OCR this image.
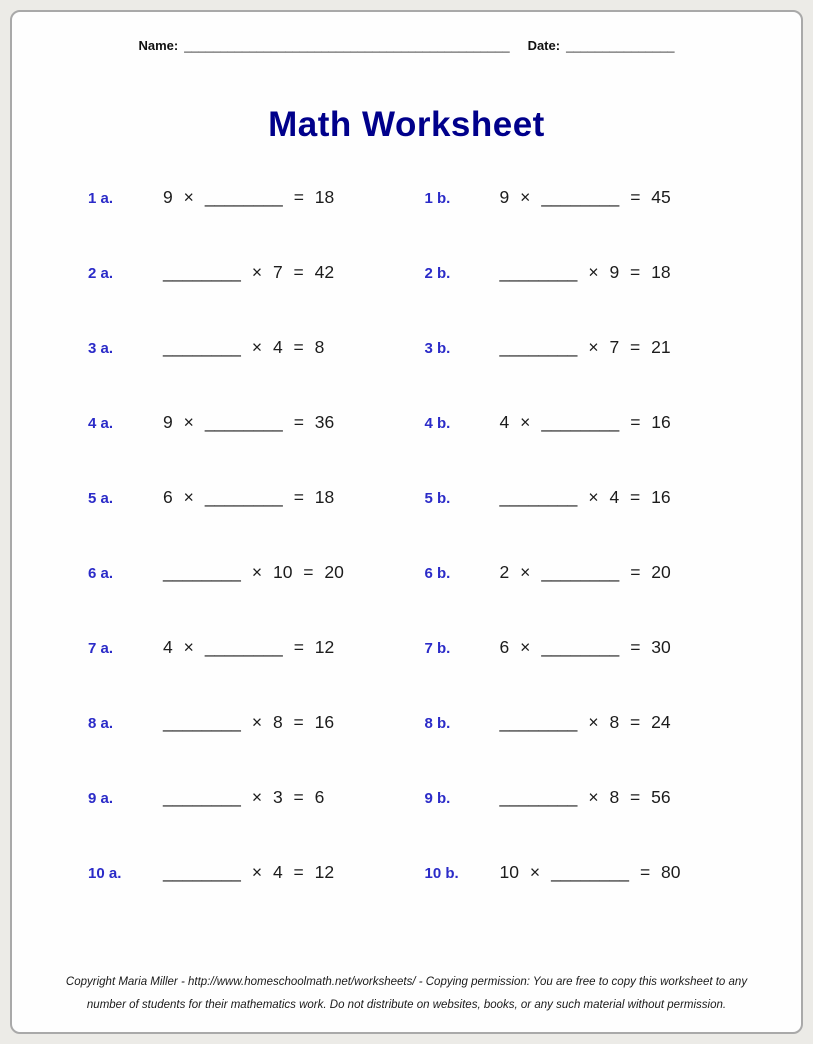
Name: _____________________________________________ Date: _______________
Math Worksheet
1 a.	9 × ________ = 18	1 b.	9 × ________ = 45
2 a.	________ × 7 = 42	2 b.	________ × 9 = 18
3 a.	________ × 4 = 8	3 b.	________ × 7 = 21
4 a.	9 × ________ = 36	4 b.	4 × ________ = 16
5 a.	6 × ________ = 18	5 b.	________ × 4 = 16
6 a.	________ × 10 = 20	6 b.	2 × ________ = 20
7 a.	4 × ________ = 12	7 b.	6 × ________ = 30
8 a.	________ × 8 = 16	8 b.	________ × 8 = 24
9 a.	________ × 3 = 6	9 b.	________ × 8 = 56
10 a.	________ × 4 = 12	10 b.	10 × ________ = 80
Copyright Maria Miller - http://www.homeschoolmath.net/worksheets/ - Copying permission: You are free to copy this worksheet to any
number of students for their mathematics work. Do not distribute on websites, books, or any such material without permission.
